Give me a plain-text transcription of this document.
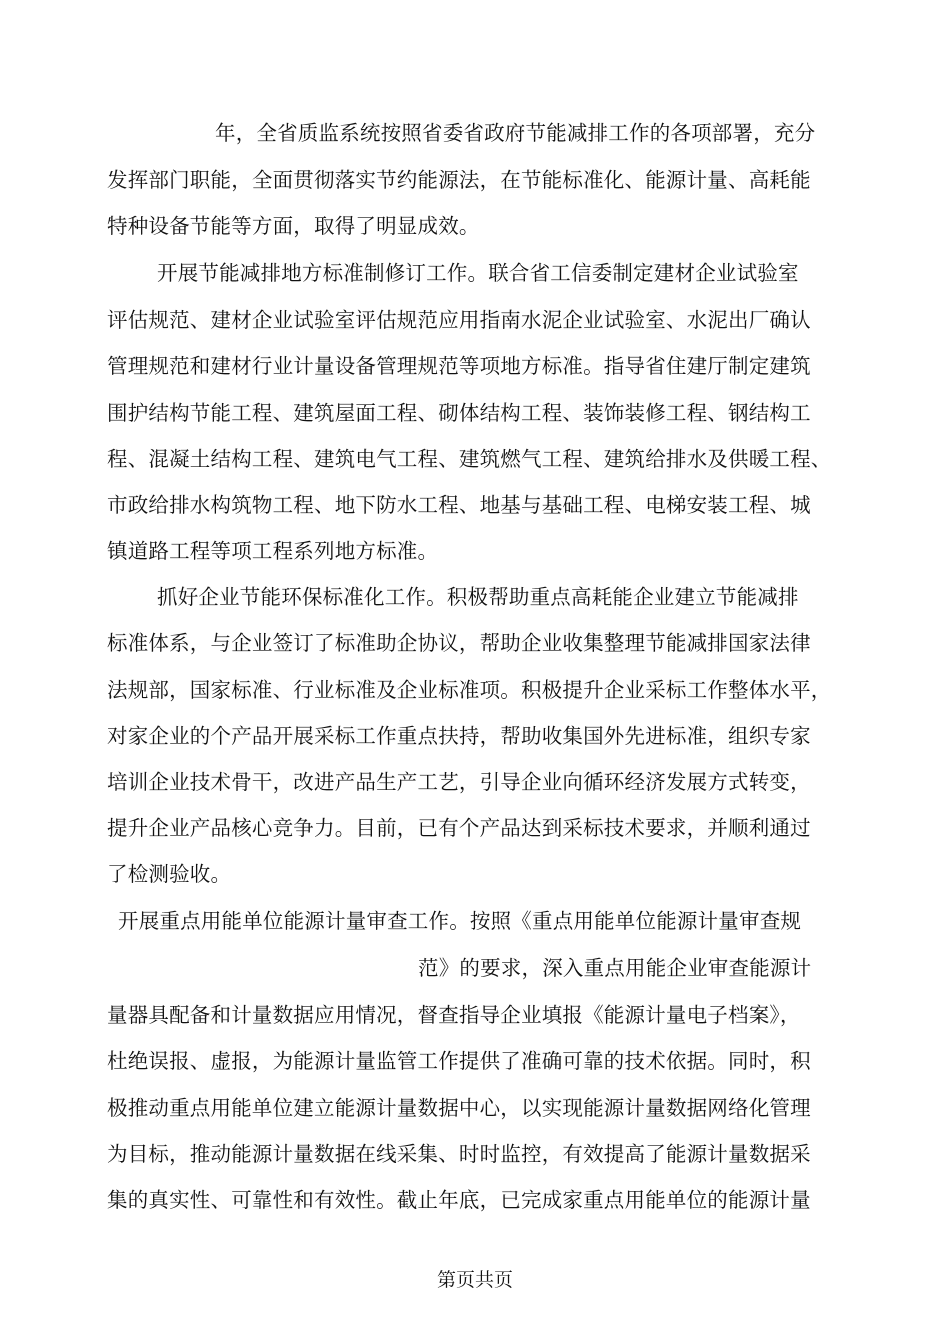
年，全省质监系统按照省委省政府节能减排工作的各项部署，充分
发挥部门职能，全面贯彻落实节约能源法，在节能标准化、能源计量、高耗能
特种设备节能等方面，取得了明显成效。
开展节能减排地方标准制修订工作。联合省工信委制定建材企业试验室
评估规范、建材企业试验室评估规范应用指南水泥企业试验室、水泥出厂确认
管理规范和建材行业计量设备管理规范等项地方标准。指导省住建厅制定建筑
围护结构节能工程、建筑屋面工程、砌体结构工程、装饰装修工程、钢结构工
程、混凝土结构工程、建筑电气工程、建筑燃气工程、建筑给排水及供暖工程、
市政给排水构筑物工程、地下防水工程、地基与基础工程、电梯安装工程、城
镇道路工程等项工程系列地方标准。
抓好企业节能环保标准化工作。积极帮助重点高耗能企业建立节能减排
标准体系，与企业签订了标准助企协议，帮助企业收集整理节能减排国家法律
法规部，国家标准、行业标准及企业标准项。积极提升企业采标工作整体水平，
对家企业的个产品开展采标工作重点扶持，帮助收集国外先进标准，组织专家
培训企业技术骨干，改进产品生产工艺，引导企业向循环经济发展方式转变，
提升企业产品核心竞争力。目前，已有个产品达到采标技术要求，并顺利通过
了检测验收。
开展重点用能单位能源计量审查工作。按照《重点用能单位能源计量审查规
范》的要求，深入重点用能企业审查能源计
量器具配备和计量数据应用情况，督查指导企业填报《能源计量电子档案》，
杜绝误报、虚报，为能源计量监管工作提供了准确可靠的技术依据。同时，积
极推动重点用能单位建立能源计量数据中心，以实现能源计量数据网络化管理
为目标，推动能源计量数据在线采集、时时监控，有效提高了能源计量数据采
集的真实性、可靠性和有效性。截止年底，已完成家重点用能单位的能源计量
第页共页
